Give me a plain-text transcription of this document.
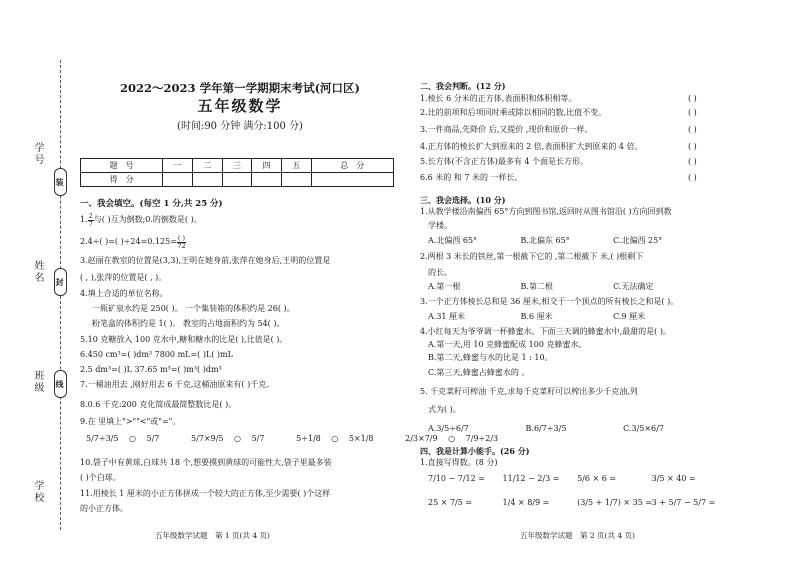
学号
姓名
班级
学校
装
封
线
2022～2023 学年第一学期期末考试(河口区)
五年级数学
(时间:90 分钟 满分:100 分)
题　号	一	二	三	四	五	总　分
得　分						
一、我会填空。(每空 1 分,共 25 分)
1. $\frac{2}{7}$ 与( )互为倒数;0.的倒数是( )。
2.4÷( )=( )$\div 24=0.125= \frac{( )}{72}$
3.赵丽在教室的位置是(3,3),王明在她身前,张萍在她身后,王明的位置是
( , ),张萍的位置是( , )。
4.填上合适的单位名称。
一瓶矿泉水约是 250( )。 一个集装箱的体积约是 26( )。
粉笔盒的体积约是 1( )。 教室的占地面积约为 54( )。
5.10 克糖放入 100 克水中,糖和糖水的比是( ),比值是( )。
6.450 cm³=( )dm³ 7800 mL=( )L( )mL
2.5 dm³=( )L 37.65 m³=( )m³( )dm³
7.一桶油用去 ,刚好用去 6 千克,这桶油原来有( )千克。
8.0.6 千克:200 克化简成最简整数比是( )。
9.在 里填上">""<"或"="。
5/7÷3/5 ○ 5/7	5/7×9/5 ○ 5/7	5÷1/8 ○ 5×1/8	2/3×7/9 ○ 7/9÷2/3
10.袋子中有黄球,白球共 18 个,想要摸到黄球的可能性大,袋子里最多装
( )个白球。
11.用棱长 1 厘米的小正方体拼成一个较大的正方体,至少需要( )个这样
的小正方体。
五年级数学试题　第 1 页(共 4 页)
二、我会判断。(12 分)
1.棱长 6 分米的正方体,表面积和体积相等。	( )
2.比的前项和后项同时乘或除以相同的数,比值不变。	( )
3.一件商品,先降价 后,又提价 ,现价和原价一样。	( )
4.正方体的棱长扩大到原来的 2 倍,表面积扩大到原来的 4 倍。	( )
5.长方体(不含正方体)最多有 4 个面是长方形。	( )
6.6 米的 和 7 米的 一样长。	( )
三、我会选择。(10 分)
1.从教学楼沿南偏西 65°方向到图书馆,返回时从图书馆沿( )方向回到教
学楼。
A.北偏西 65°	B.北偏东 65°	C.北偏西 25°
2.两根 3 米长的铁丝,第一根截下它的 ,第二根截下 米,( )根剩下
的长。
A.第一根	B.第二根	C.无法确定
3.一个正方体棱长总和是 36 厘米,相交于一个顶点的所有棱长之和是( )。
A.31 厘米	B.6 厘米	C.9 厘米
4.小红每天为爷爷调一杯蜂蜜水。下面三天调的蜂蜜水中,最甜的是( )。
A.第一天,用 10 克蜂蜜配成 100 克蜂蜜水。
B.第二天,蜂蜜与水的比是 1 : 10。
C.第三天,蜂蜜占蜂蜜水的 。
5. 千克菜籽可榨油 千克,求每千克菜籽可以榨出多少千克油,列
式为( )。
A.3/5÷6/7	B.6/7÷3/5	C.3/5×6/7
四、我是计算小能手。(26 分)
1.直接写得数。(8 分)
7/10 − 7/12 = 11/12 − 2/3 = 5/6 × 6 =	3/5 × 40 =
25 × 7/5 =	1/4 × 8/9 =	(3/5 + 1/7) × 35 = 3 + 5/7 − 5/7 =
五年级数学试题　第 2 页(共 4 页)
